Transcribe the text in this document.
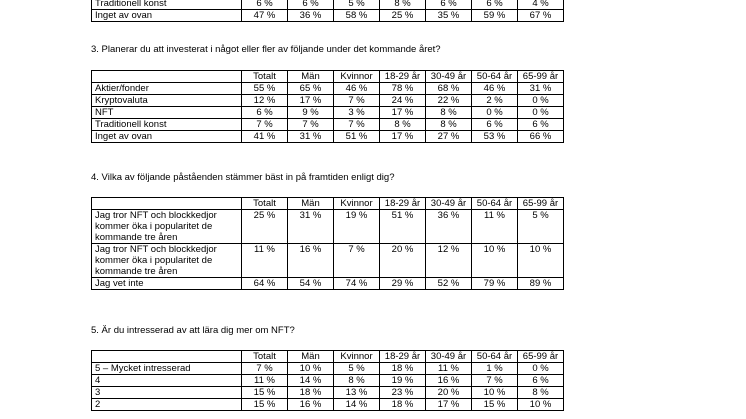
Traditionell konst	6 %	6 %	5 %	8 %	6 %	6 %	4 %
Inget av ovan	47 %	36 %	58 %	25 %	35 %	59 %	67 %
3. Planerar du att investerat i något eller fler av följande under det kommande året?
	Totalt	Män	Kvinnor	18-29 år	30-49 år	50-64 år	65-99 år
Aktier/fonder	55 %	65 %	46 %	78 %	68 %	46 %	31 %
Kryptovaluta	12 %	17 %	7 %	24 %	22 %	2 %	0 %
NFT	6 %	9 %	3 %	17 %	8 %	0 %	0 %
Traditionell konst	7 %	7 %	7 %	8 %	8 %	6 %	6 %
Inget av ovan	41 %	31 %	51 %	17 %	27 %	53 %	66 %
4. Vilka av följande påståenden stämmer bäst in på framtiden enligt dig?
	Totalt	Män	Kvinnor	18-29 år	30-49 år	50-64 år	65-99 år
Jag tror NFT och blockkedjor kommer öka i popularitet de kommande tre åren	25 %	31 %	19 %	51 %	36 %	11 %	5 %
Jag tror NFT och blockkedjor kommer öka i popularitet de kommande tre åren	11 %	16 %	7 %	20 %	12 %	10 %	10 %
Jag vet inte	64 %	54 %	74 %	29 %	52 %	79 %	89 %
5. Är du intresserad av att lära dig mer om NFT?
	Totalt	Män	Kvinnor	18-29 år	30-49 år	50-64 år	65-99 år
5 – Mycket intresserad	7 %	10 %	5 %	18 %	11 %	1 %	0 %
4	11 %	14 %	8 %	19 %	16 %	7 %	6 %
3	15 %	18 %	13 %	23 %	20 %	10 %	8 %
2	15 %	16 %	14 %	18 %	17 %	15 %	10 %
